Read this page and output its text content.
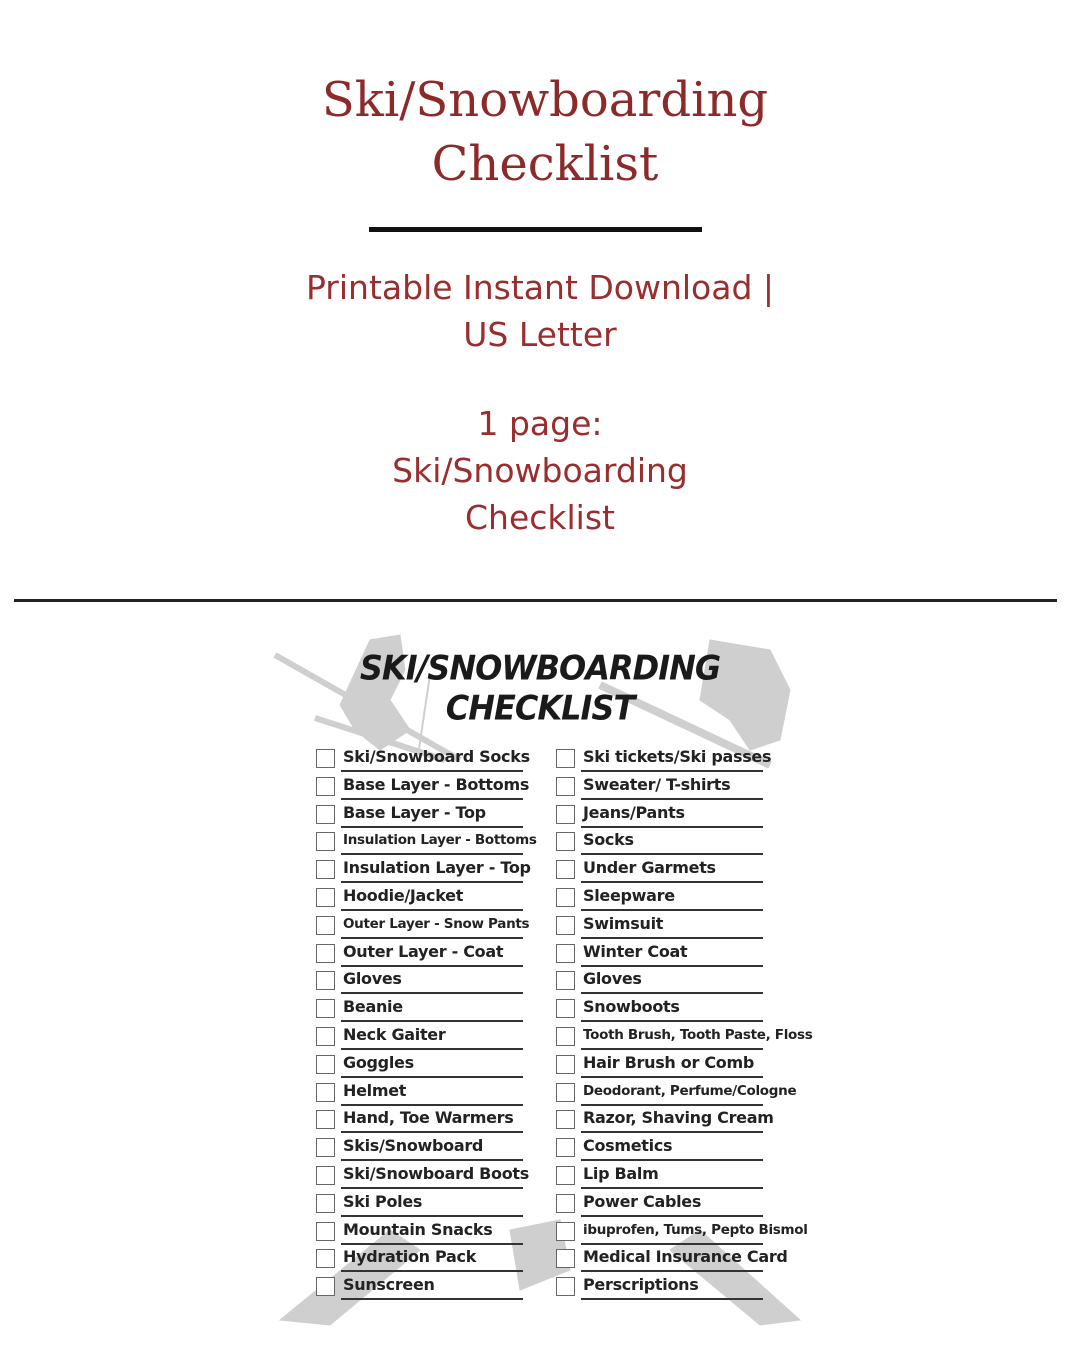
Ski/Snowboarding
Checklist
Printable Instant Download |
US Letter
1 page:
Ski/Snowboarding
Checklist
SKI/SNOWBOARDING CHECKLIST
Ski/Snowboard Socks
Base Layer - Bottoms
Base Layer - Top
Insulation Layer - Bottoms
Insulation Layer - Top
Hoodie/Jacket
Outer Layer - Snow Pants
Outer Layer - Coat
Gloves
Beanie
Neck Gaiter
Goggles
Helmet
Hand, Toe Warmers
Skis/Snowboard
Ski/Snowboard Boots
Ski Poles
Mountain Snacks
Hydration Pack
Sunscreen
Ski tickets/Ski passes
Sweater/ T-shirts
Jeans/Pants
Socks
Under Garmets
Sleepware
Swimsuit
Winter Coat
Gloves
Snowboots
Tooth Brush, Tooth Paste, Floss
Hair Brush or Comb
Deodorant, Perfume/Cologne
Razor, Shaving Cream
Cosmetics
Lip Balm
Power Cables
ibuprofen, Tums, Pepto Bismol
Medical Insurance Card
Perscriptions
